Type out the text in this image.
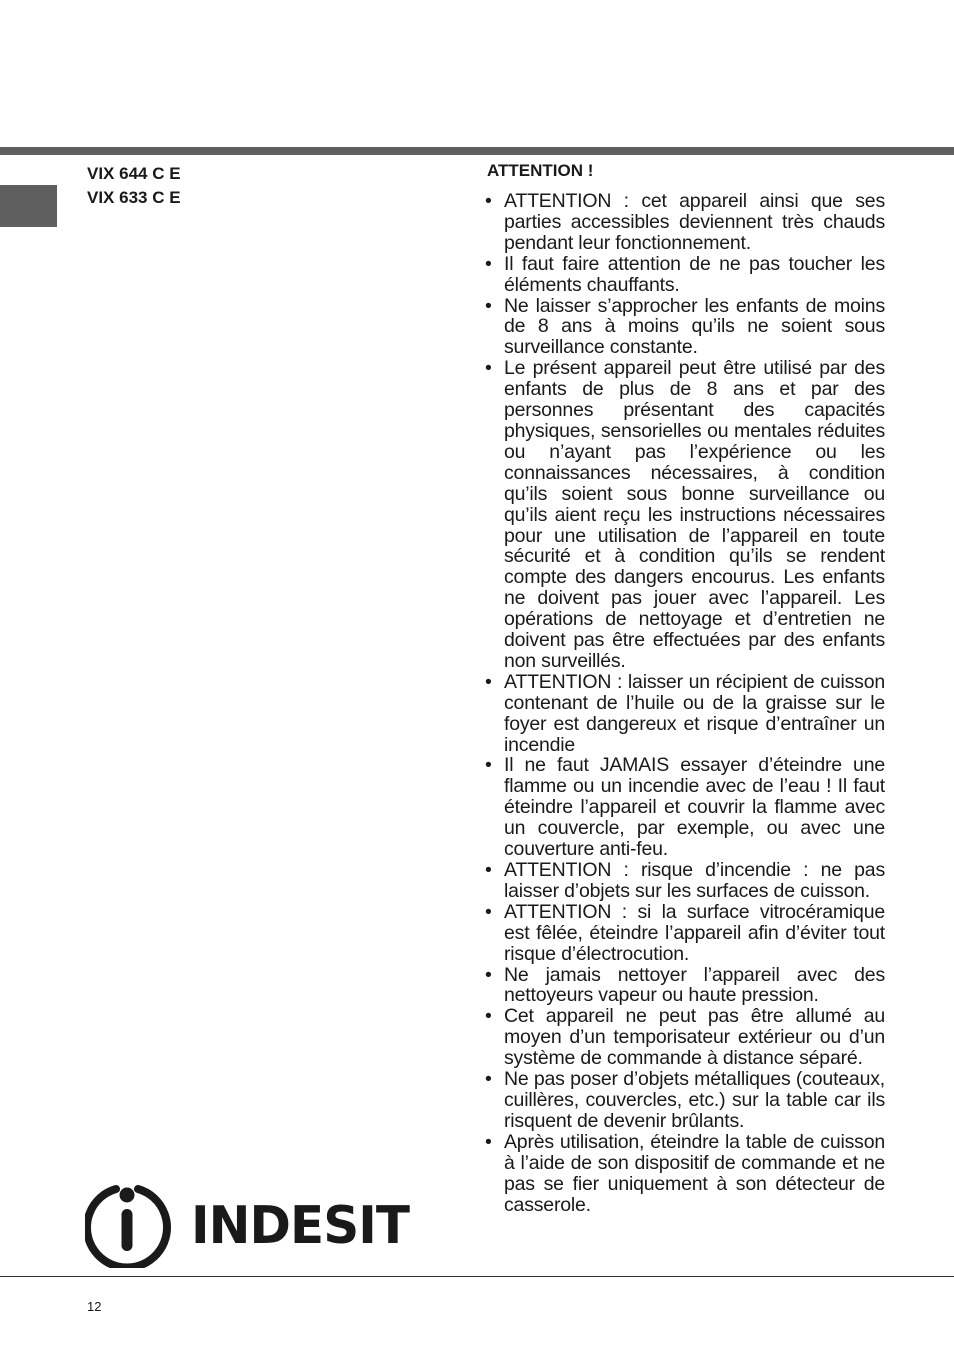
VIX 644 C E
VIX 633 C E
ATTENTION !
• ATTENTION : cet appareil ainsi que ses parties accessibles deviennent très chauds pendant leur fonctionnement.
• Il faut faire attention de ne pas toucher les éléments chauffants.
• Ne laisser s’approcher les enfants de moins de 8 ans à moins qu’ils ne soient sous surveillance constante.
• Le présent appareil peut être utilisé par des enfants de plus de 8 ans et par des personnes présentant des capacités physiques, sensorielles ou mentales réduites ou n’ayant pas l’expérience ou les connaissances nécessaires, à condition qu’ils soient sous bonne surveillance ou qu’ils aient reçu les instructions nécessaires pour une utilisation de l’appareil en toute sécurité et à condition qu’ils se rendent compte des dangers encourus. Les enfants ne doivent pas jouer avec l’appareil. Les opérations de nettoyage et d’entretien ne doivent pas être effectuées par des enfants non surveillés.
• ATTENTION : laisser un récipient de cuisson contenant de l’huile ou de la graisse sur le foyer est dangereux et risque d’entraîner un incendie
• Il ne faut JAMAIS essayer d’éteindre une flamme ou un incendie avec de l’eau ! Il faut éteindre l’appareil et couvrir la flamme avec un couvercle, par exemple, ou avec une couverture anti-feu.
• ATTENTION : risque d’incendie : ne pas laisser d’objets sur les surfaces de cuisson.
• ATTENTION : si la surface vitrocéramique est fêlée, éteindre l’appareil afin d’éviter tout risque d’électrocution.
• Ne jamais nettoyer l’appareil avec des nettoyeurs vapeur ou haute pression.
• Cet appareil ne peut pas être allumé au moyen d’un temporisateur extérieur ou d’un système de commande à distance séparé.
• Ne pas poser d’objets métalliques (couteaux, cuillères, couvercles, etc.) sur la table car ils risquent de devenir brûlants.
• Après utilisation, éteindre la table de cuisson à l’aide de son dispositif de commande et ne pas se fier uniquement à son détecteur de casserole.
INDESIT
12
